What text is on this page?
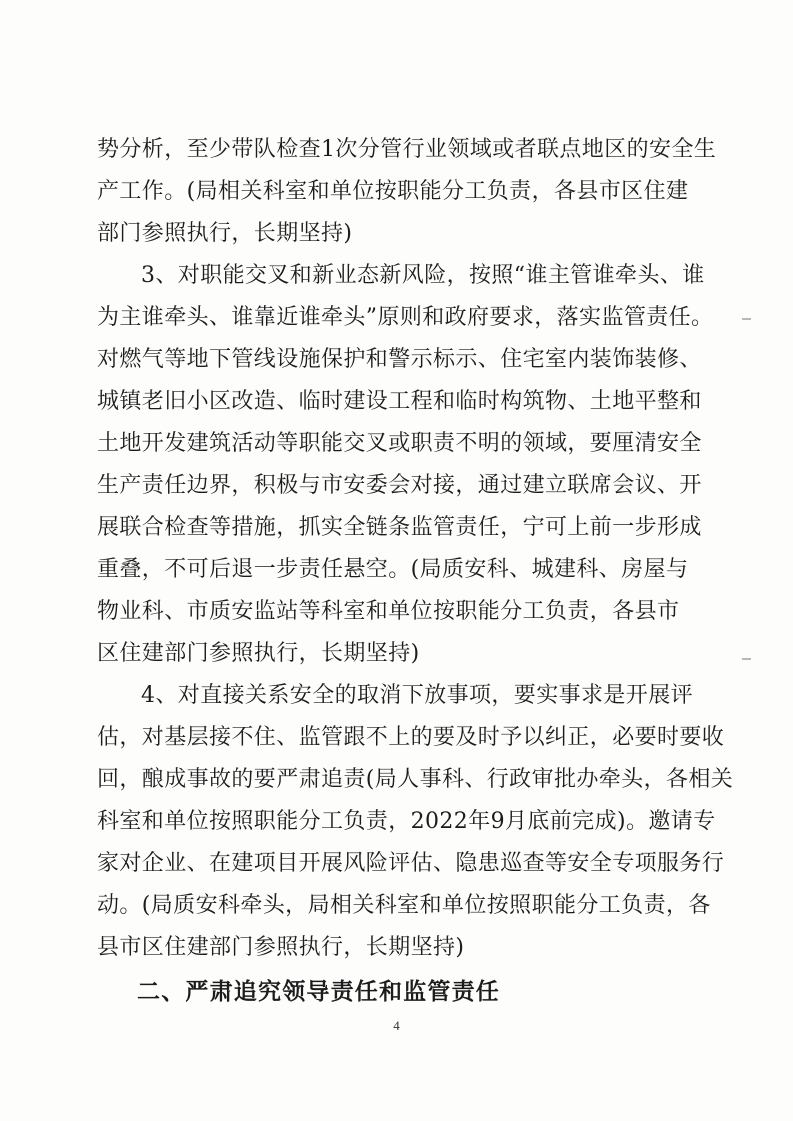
势分析，至少带队检查1次分管行业领域或者联点地区的安全生
产工作。(局相关科室和单位按职能分工负责，各县市区住建
部门参照执行，长期坚持)
3、对职能交叉和新业态新风险，按照“谁主管谁牵头、谁
为主谁牵头、谁靠近谁牵头”原则和政府要求，落实监管责任。
对燃气等地下管线设施保护和警示标示、住宅室内装饰装修、
城镇老旧小区改造、临时建设工程和临时构筑物、土地平整和
土地开发建筑活动等职能交叉或职责不明的领域，要厘清安全
生产责任边界，积极与市安委会对接，通过建立联席会议、开
展联合检查等措施，抓实全链条监管责任，宁可上前一步形成
重叠，不可后退一步责任悬空。(局质安科、城建科、房屋与
物业科、市质安监站等科室和单位按职能分工负责，各县市
区住建部门参照执行，长期坚持)
4、对直接关系安全的取消下放事项，要实事求是开展评
估，对基层接不住、监管跟不上的要及时予以纠正，必要时要收
回，酿成事故的要严肃追责(局人事科、行政审批办牵头，各相关
科室和单位按照职能分工负责，2022年9月底前完成)。邀请专
家对企业、在建项目开展风险评估、隐患巡查等安全专项服务行
动。(局质安科牵头，局相关科室和单位按照职能分工负责，各
县市区住建部门参照执行，长期坚持)
二、严肃追究领导责任和监管责任
4
